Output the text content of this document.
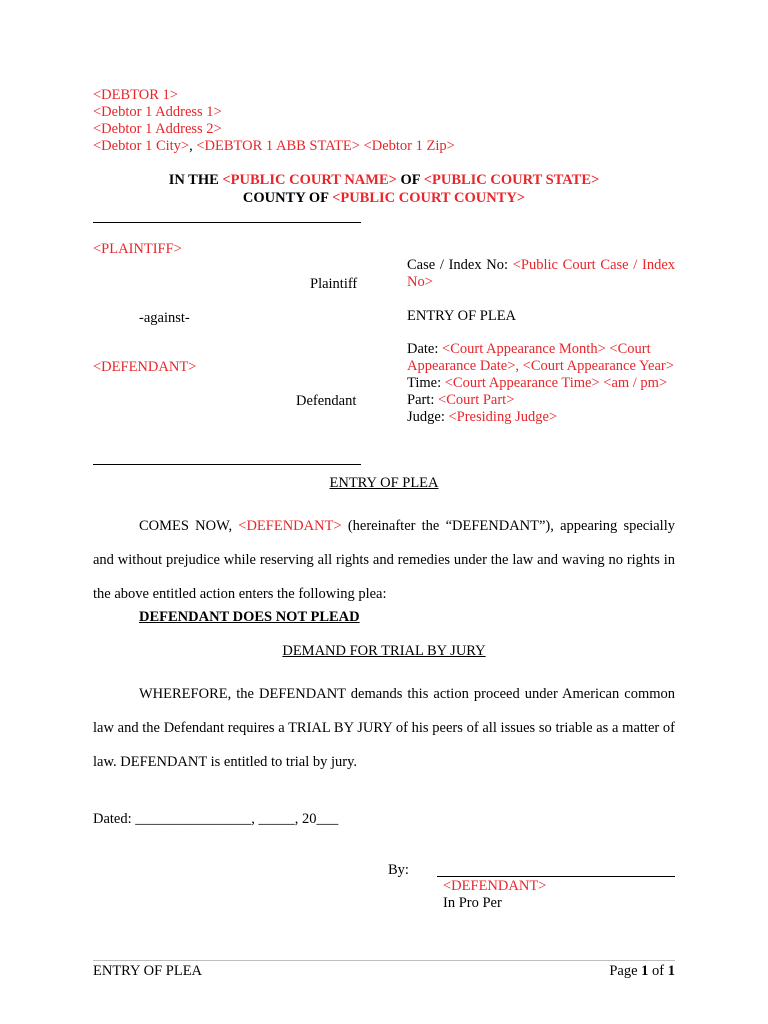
<DEBTOR 1>
<Debtor 1 Address 1>
<Debtor 1 Address 2>
<Debtor 1 City>, <DEBTOR 1 ABB STATE> <Debtor 1 Zip>
IN THE <PUBLIC COURT NAME> OF <PUBLIC COURT STATE>
COUNTY OF <PUBLIC COURT COUNTY>
<PLAINTIFF>
Plaintiff
-against-
<DEFENDANT>
Defendant
Case / Index No: <Public Court Case / Index No>
ENTRY OF PLEA
Date: <Court Appearance Month> <Court Appearance Date>, <Court Appearance Year>
Time: <Court Appearance Time> <am / pm>
Part: <Court Part>
Judge: <Presiding Judge>
ENTRY OF PLEA
COMES NOW, <DEFENDANT> (hereinafter the “DEFENDANT”), appearing specially and without prejudice while reserving all rights and remedies under the law and waving no rights in the above entitled action enters the following plea:
DEFENDANT DOES NOT PLEAD
DEMAND FOR TRIAL BY JURY
WHEREFORE, the DEFENDANT demands this action proceed under American common law and the Defendant requires a TRIAL BY JURY of his peers of all issues so triable as a matter of law. DEFENDANT is entitled to trial by jury.
Dated: ________________, _____, 20___
By:
<DEFENDANT>
In Pro Per
ENTRY OF PLEA	Page 1 of 1
